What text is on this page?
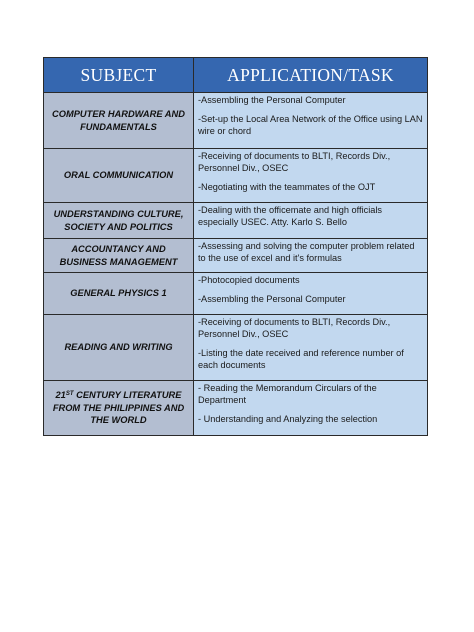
SUBJECT	APPLICATION/TASK
COMPUTER HARDWARE AND FUNDAMENTALS	-Assembling the Personal Computer

-Set-up the Local Area Network of the Office using LAN wire or chord

ORAL COMMUNICATION	-Receiving of documents to BLTI, Records Div., Personnel Div., OSEC

-Negotiating with the teammates of the OJT

UNDERSTANDING CULTURE, SOCIETY AND POLITICS	-Dealing with the officemate and high officials especially USEC. Atty. Karlo S. Bello

ACCOUNTANCY AND BUSINESS MANAGEMENT	-Assessing and solving the computer problem related to the use of excel and it's formulas

GENERAL PHYSICS 1	-Photocopied documents

-Assembling the Personal Computer

READING AND WRITING	-Receiving of documents to BLTI, Records Div., Personnel Div., OSEC

-Listing the date received and reference number of each documents

21ST CENTURY LITERATURE FROM THE PHILIPPINES AND THE WORLD	- Reading the Memorandum Circulars of the Department

- Understanding and Analyzing the selection
